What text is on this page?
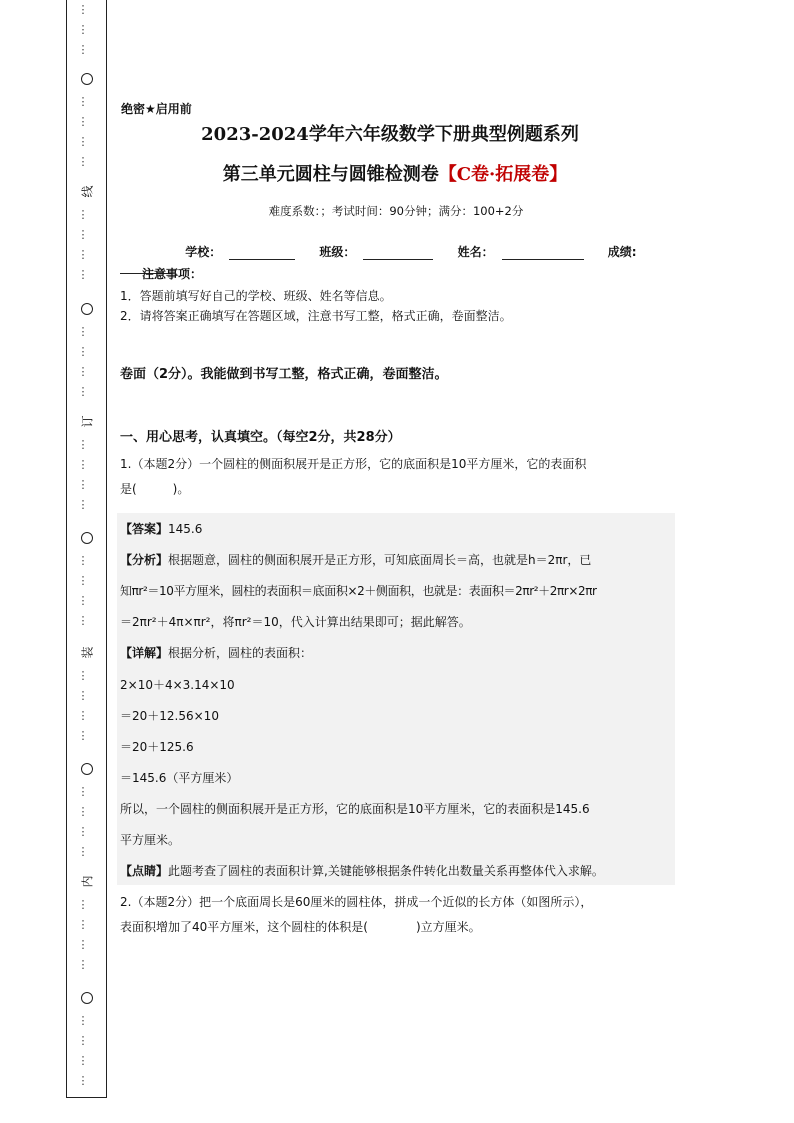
⋮
⋮
⋮
⋮
⋮
⋮
⋮
线
⋮
⋮
⋮
⋮
⋮
⋮
⋮
⋮
订
⋮
⋮
⋮
⋮
⋮
⋮
⋮
⋮
装
⋮
⋮
⋮
⋮
⋮
⋮
⋮
⋮
内
⋮
⋮
⋮
⋮
⋮
⋮
⋮
⋮
绝密★启用前
2023-2024学年六年级数学下册典型例题系列
第三单元圆柱与圆锥检测卷【C卷·拓展卷】
难度系数：；考试时间：90分钟；满分：100+2分
学校：	班级：	姓名：	成绩:
注意事项：
1．答题前填写好自己的学校、班级、姓名等信息。
2．请将答案正确填写在答题区域，注意书写工整，格式正确，卷面整洁。
卷面（2分）。我能做到书写工整，格式正确，卷面整洁。
一、用心思考，认真填空。（每空2分，共28分）
1.（本题2分）一个圆柱的侧面积展开是正方形，它的底面积是10平方厘米，它的表面积
是(　　　)。
【答案】145.6
【分析】根据题意，圆柱的侧面积展开是正方形，可知底面周长＝高，也就是h＝2πr，已
知πr²＝10平方厘米，圆柱的表面积＝底面积×2＋侧面积，也就是：表面积＝2πr²＋2πr×2πr
＝2πr²＋4π×πr²，将πr²＝10，代入计算出结果即可；据此解答。
【详解】根据分析，圆柱的表面积：
2×10＋4×3.14×10
＝20＋12.56×10
＝20＋125.6
＝145.6（平方厘米）
所以，一个圆柱的侧面积展开是正方形，它的底面积是10平方厘米，它的表面积是145.6
平方厘米。
【点睛】此题考查了圆柱的表面积计算,关键能够根据条件转化出数量关系再整体代入求解。
2.（本题2分）把一个底面周长是60厘米的圆柱体，拼成一个近似的长方体（如图所示），
表面积增加了40平方厘米，这个圆柱的体积是(　　　　)立方厘米。
